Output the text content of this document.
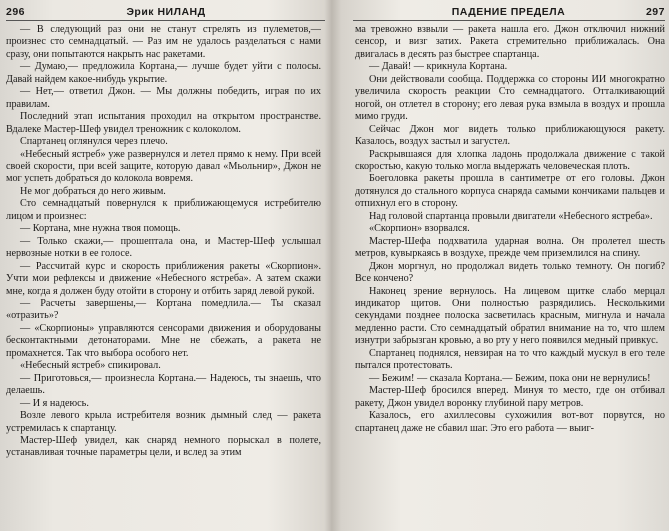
296	Эрик НИЛАНД

— В следующий раз они не станут стрелять из пулеметов,— произнес сто семнадцатый. — Раз им не удалось разделаться с нами сразу, они попытаются накрыть нас ракетами.

— Думаю,— предложила Кортана,— лучше будет уйти с полосы. Давай найдем какое-нибудь укрытие.

— Нет,— ответил Джон. — Мы должны победить, играя по их правилам.

Последний этап испытания проходил на открытом пространстве. Вдалеке Мастер-Шеф увидел треножник с колоколом.

Спартанец оглянулся через плечо.

«Небесный ястреб» уже развернулся и летел прямо к нему. При всей своей скорости, при всей защите, которую давал «Мьольнир», Джон не мог успеть добраться до колокола вовремя.

Не мог добраться до него живым.

Сто семнадцатый повернулся к приближающемуся истребителю лицом и произнес:

— Кортана, мне нужна твоя помощь.

— Только скажи,— прошептала она, и Мастер-Шеф услышал нервозные нотки в ее голосе.

— Рассчитай курс и скорость приближения ракеты «Скорпион». Учти мои рефлексы и движение «Небесного ястреба». А затем скажи мне, когда я должен буду отойти в сторону и отбить заряд левой рукой.

— Расчеты завершены,— Кортана помедлила.— Ты сказал «отразить»?

— «Скорпионы» управляются сенсорами движения и оборудованы бесконтактными детонаторами. Мне не сбежать, а ракета не промахнется. Так что выбора особого нет.

«Небесный ястреб» спикировал.

— Приготовься,— произнесла Кортана.— Надеюсь, ты знаешь, что делаешь.

— И я надеюсь.

Возле левого крыла истребителя возник дымный след — ракета устремилась к спартанцу.

Мастер-Шеф увидел, как снаряд немного порыскал в полете, устанавливая точные параметры цели, и вслед за этим

ПАДЕНИЕ ПРЕДЕЛА	297

ма тревожно взвыли — ракета нашла его. Джон отключил нижний сенсор, и визг затих. Ракета стремительно приближалась. Она двигалась в десять раз быстрее спартанца.

— Давай! — крикнула Кортана.

Они действовали сообща. Поддержка со стороны ИИ многократно увеличила скорость реакции Сто семнадцатого. Отталкивающий ногой, он отлетел в сторону; его левая рука взмыла в воздух и прошла мимо груди.

Сейчас Джон мог видеть только приближающуюся ракету. Казалось, воздух застыл и загустел.

Раскрывшаяся для хлопка ладонь продолжала движение с такой скоростью, какую только могла выдержать человеческая плоть.

Боеголовка ракеты прошла в сантиметре от его головы. Джон дотянулся до стального корпуса снаряда самыми кончиками пальцев и отпихнул его в сторону.

Над головой спартанца провыли двигатели «Небесного ястреба».

«Скорпион» взорвался.

Мастер-Шефа подхватила ударная волна. Он пролетел шесть метров, кувыркаясь в воздухе, прежде чем приземлился на спину.

Джон моргнул, но продолжал видеть только темноту. Он погиб? Все кончено?

Наконец зрение вернулось. На лицевом щитке слабо мерцал индикатор щитов. Они полностью разрядились. Несколькими секундами позднее полоска засветилась красным, мигнула и начала медленно расти. Сто семнадцатый обратил внимание на то, что шлем изнутри забрызган кровью, а во рту у него появился медный привкус.

Спартанец поднялся, невзирая на то что каждый мускул в его теле пытался протестовать.

— Бежим! — сказала Кортана.— Бежим, пока они не вернулись!

Мастер-Шеф бросился вперед. Минуя то место, где он отбивал ракету, Джон увидел воронку глубиной пару метров.

Казалось, его ахиллесовы сухожилия вот-вот порвутся, но спартанец даже не сбавил шаг. Это его работа — выиг-
